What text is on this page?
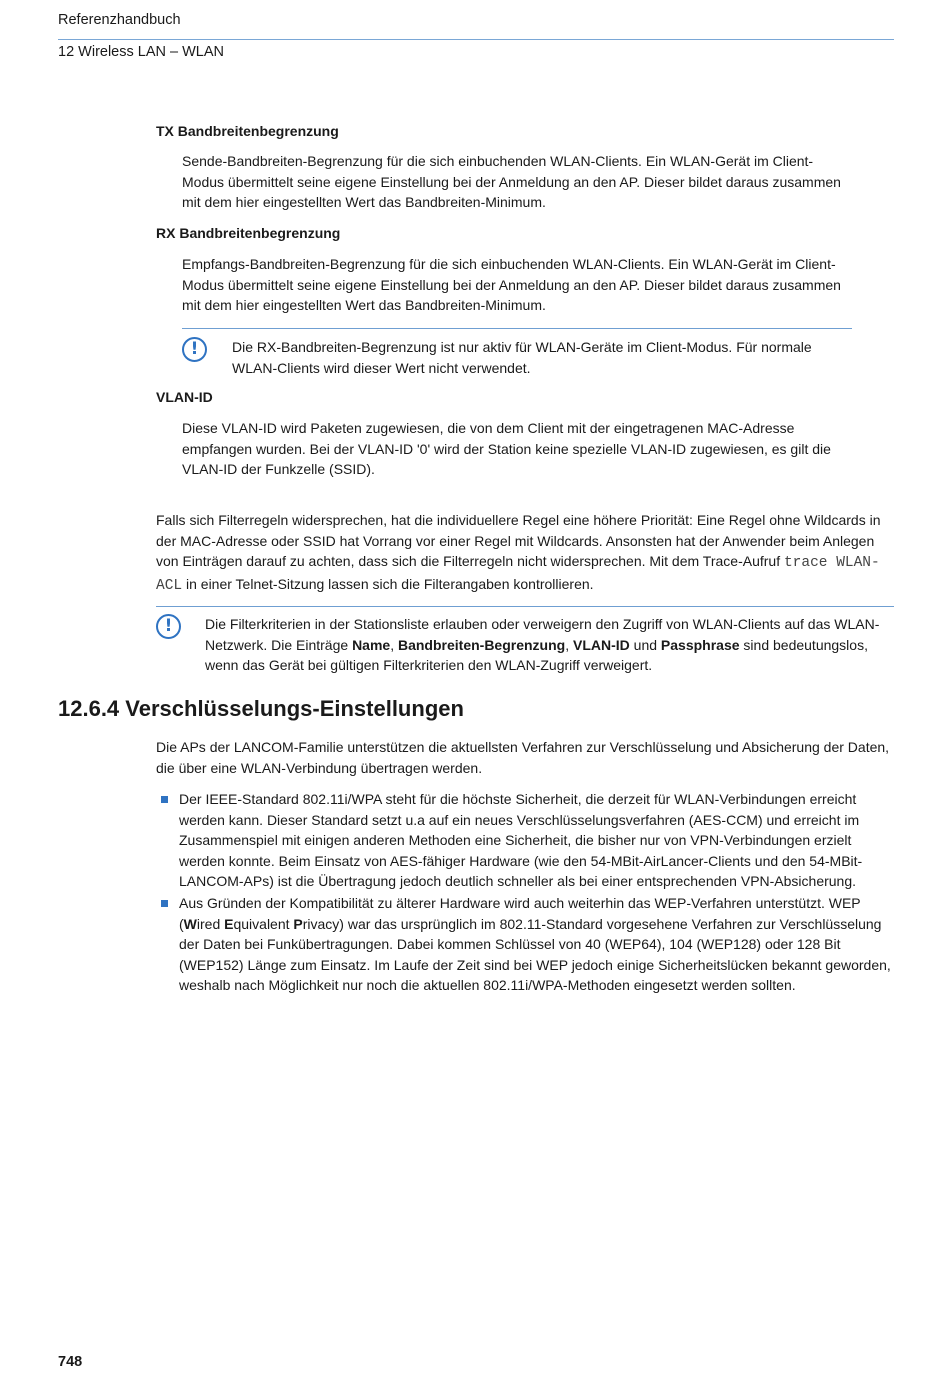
Referenzhandbuch
12 Wireless LAN – WLAN
TX Bandbreitenbegrenzung
Sende-Bandbreiten-Begrenzung für die sich einbuchenden WLAN-Clients. Ein WLAN-Gerät im Client-Modus übermittelt seine eigene Einstellung bei der Anmeldung an den AP. Dieser bildet daraus zusammen mit dem hier eingestellten Wert das Bandbreiten-Minimum.
RX Bandbreitenbegrenzung
Empfangs-Bandbreiten-Begrenzung für die sich einbuchenden WLAN-Clients. Ein WLAN-Gerät im Client-Modus übermittelt seine eigene Einstellung bei der Anmeldung an den AP. Dieser bildet daraus zusammen mit dem hier eingestellten Wert das Bandbreiten-Minimum.
!	Die RX-Bandbreiten-Begrenzung ist nur aktiv für WLAN-Geräte im Client-Modus. Für normale WLAN-Clients wird dieser Wert nicht verwendet.
VLAN-ID
Diese VLAN-ID wird Paketen zugewiesen, die von dem Client mit der eingetragenen MAC-Adresse empfangen wurden. Bei der VLAN-ID '0' wird der Station keine spezielle VLAN-ID zugewiesen, es gilt die VLAN-ID der Funkzelle (SSID).
Falls sich Filterregeln widersprechen, hat die individuellere Regel eine höhere Priorität: Eine Regel ohne Wildcards in der MAC-Adresse oder SSID hat Vorrang vor einer Regel mit Wildcards. Ansonsten hat der Anwender beim Anlegen von Einträgen darauf zu achten, dass sich die Filterregeln nicht widersprechen. Mit dem Trace-Aufruf trace WLAN-ACL in einer Telnet-Sitzung lassen sich die Filterangaben kontrollieren.
!	Die Filterkriterien in der Stationsliste erlauben oder verweigern den Zugriff von WLAN-Clients auf das WLAN-Netzwerk. Die Einträge Name, Bandbreiten-Begrenzung, VLAN-ID und Passphrase sind bedeutungslos, wenn das Gerät bei gültigen Filterkriterien den WLAN-Zugriff verweigert.
12.6.4 Verschlüsselungs-Einstellungen
Die APs der LANCOM-Familie unterstützen die aktuellsten Verfahren zur Verschlüsselung und Absicherung der Daten, die über eine WLAN-Verbindung übertragen werden.
Der IEEE-Standard 802.11i/WPA steht für die höchste Sicherheit, die derzeit für WLAN-Verbindungen erreicht werden kann. Dieser Standard setzt u.a auf ein neues Verschlüsselungsverfahren (AES-CCM) und erreicht im Zusammenspiel mit einigen anderen Methoden eine Sicherheit, die bisher nur von VPN-Verbindungen erzielt werden konnte. Beim Einsatz von AES-fähiger Hardware (wie den 54-MBit-AirLancer-Clients und den 54-MBit-LANCOM-APs) ist die Übertragung jedoch deutlich schneller als bei einer entsprechenden VPN-Absicherung.
Aus Gründen der Kompatibilität zu älterer Hardware wird auch weiterhin das WEP-Verfahren unterstützt. WEP (Wired Equivalent Privacy) war das ursprünglich im 802.11-Standard vorgesehene Verfahren zur Verschlüsselung der Daten bei Funkübertragungen. Dabei kommen Schlüssel von 40 (WEP64), 104 (WEP128) oder 128 Bit (WEP152) Länge zum Einsatz. Im Laufe der Zeit sind bei WEP jedoch einige Sicherheitslücken bekannt geworden, weshalb nach Möglichkeit nur noch die aktuellen 802.11i/WPA-Methoden eingesetzt werden sollten.
748
